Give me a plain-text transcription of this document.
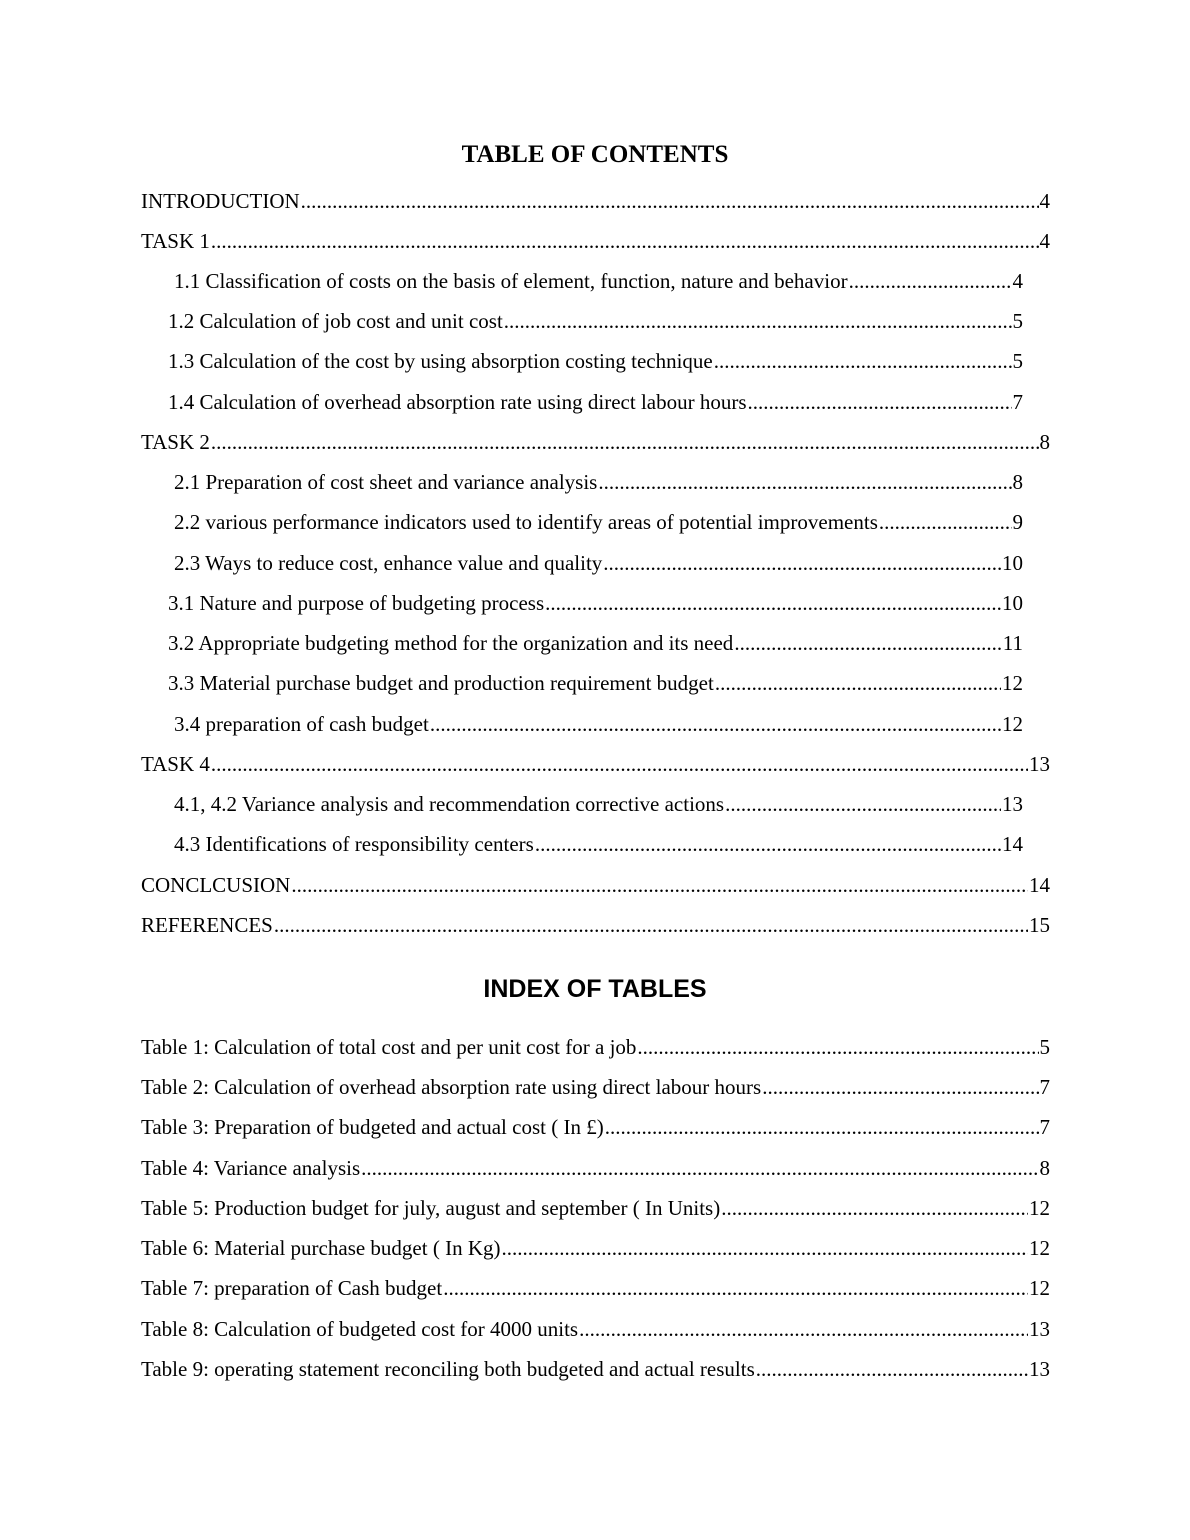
TABLE OF CONTENTS
INTRODUCTION .....	4
TASK 1 .....	4
1.1 Classification of costs on the basis of element, function, nature and behavior .....	4
1.2 Calculation of job cost and unit cost .....	5
1.3 Calculation of the cost by using absorption costing technique .....	5
1.4 Calculation of overhead absorption rate using direct labour hours .....	7
TASK 2 .....	8
2.1 Preparation of cost sheet and variance analysis .....	8
2.2 various performance indicators used to identify areas of potential improvements .....	9
2.3 Ways to reduce cost, enhance value and quality .....	10
3.1 Nature and purpose of budgeting process .....	10
3.2 Appropriate budgeting method for the organization and its need .....	11
3.3 Material purchase budget and production requirement budget .....	12
3.4 preparation of cash budget .....	12
TASK 4 .....	13
4.1, 4.2 Variance analysis and recommendation corrective actions .....	13
4.3 Identifications of responsibility centers .....	14
CONCLCUSION .....	14
REFERENCES .....	15
INDEX OF TABLES
Table 1: Calculation of total cost and per unit cost for a job .....	5
Table 2: Calculation of overhead absorption rate using direct labour hours .....	7
Table 3: Preparation of budgeted and actual cost ( In £) .....	7
Table 4: Variance analysis .....	8
Table 5: Production budget for july, august and september ( In Units) .....	12
Table 6: Material purchase budget ( In Kg) .....	12
Table 7: preparation of Cash budget .....	12
Table 8: Calculation of budgeted cost for 4000 units .....	13
Table 9: operating statement reconciling both budgeted and actual results .....	13
